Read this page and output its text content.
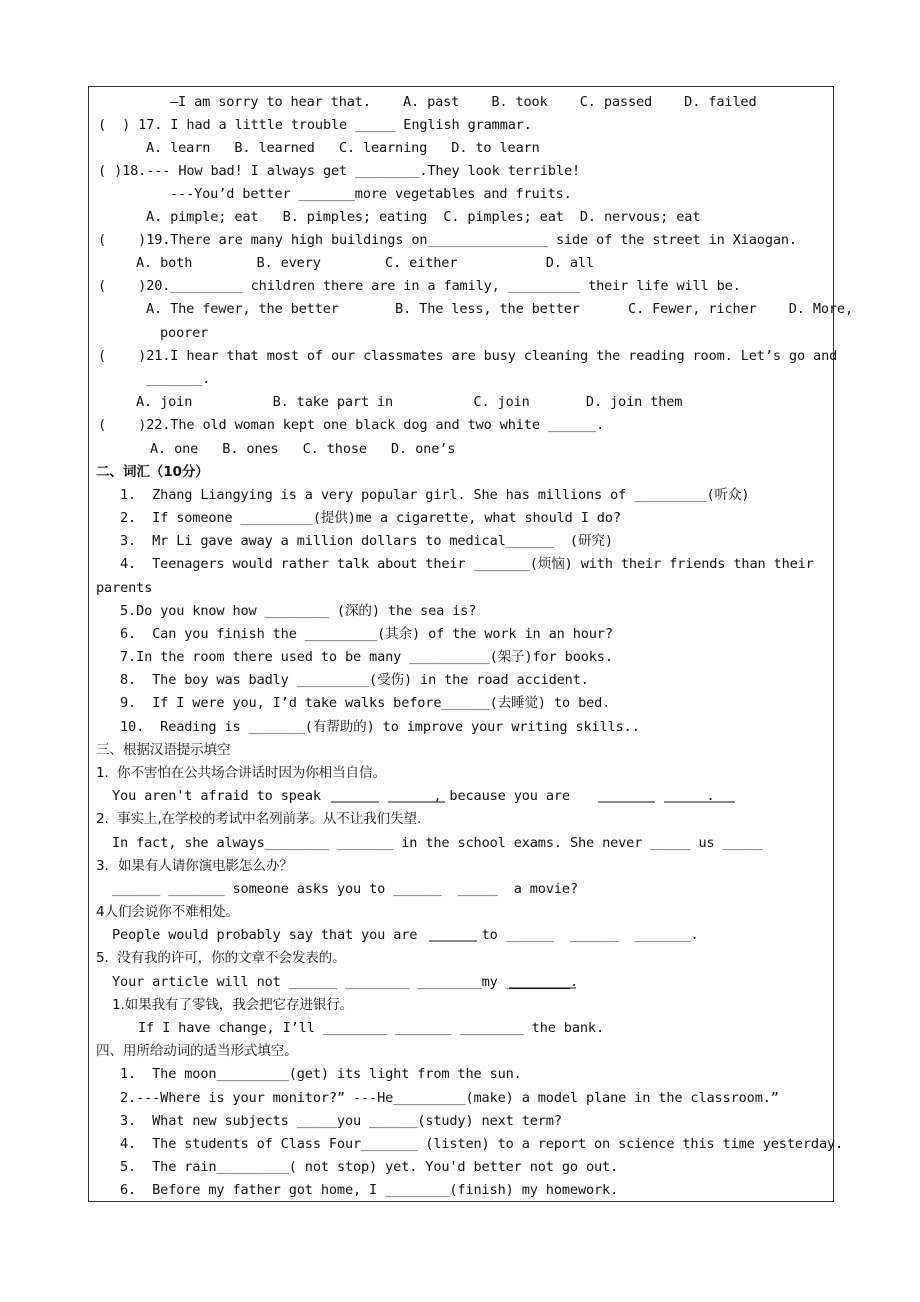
—I am sorry to hear that.    A. past    B. took    C. passed    D. failed
(  ) 17. I had a little trouble _____ English grammar.
A. learn   B. learned   C. learning   D. to learn
( )18.--- How bad! I always get ________.They look terrible!
---You’d better _______more vegetables and fruits.
A. pimple; eat   B. pimples; eating  C. pimples; eat  D. nervous; eat
(    )19.There are many high buildings on_______________ side of the street in Xiaogan.
A. both        B. every        C. either           D. all
(    )20._________ children there are in a family, _________ their life will be.
A. The fewer, the better       B. The less, the better      C. Fewer, richer    D. More,
poorer
(    )21.I hear that most of our classmates are busy cleaning the reading room. Let’s go and
_______.
A. join          B. take part in          C. join       D. join them
(    )22.The old woman kept one black dog and two white ______.
A. one   B. ones   C. those   D. one’s
二、词汇（10分）
1.  Zhang Liangying is a very popular girl. She has millions of _________(听众)
2.  If someone _________(提供)me a cigarette, what should I do?
3.  Mr Li gave away a million dollars to medical______  (研究)
4.  Teenagers would rather talk about their _______(烦恼) with their friends than their
parents
5.Do you know how ________ (深的) the sea is?
6.  Can you finish the _________(其余) of the work in an hour?
7.In the room there used to be many __________(架子)for books.
8.  The boy was badly _________(受伤) in the road accident.
9.  If I were you, I’d take walks before______(去睡觉) to bed.
10.  Reading is _______(有帮助的) to improve your writing skills..
三、根据汉语提示填空
1.  你不害怕在公共场合讲话时因为你相当自信。
You aren't afraid to speak              , because you are                 .
2.  事实上,在学校的考试中名列前茅。从不让我们失望.
In fact, she always________ _______ in the school exams. She never _____ us _____
3．如果有人请你演电影怎么办？
______ _______ someone asks you to ______  _____  a movie?
4人们会说你不难相处。
People would probably say that you are        to ______  ______  _______.
5.  没有我的许可，你的文章不会发表的。
Your article will not ______ ________ ________my ________.
1.如果我有了零钱，我会把它存进银行。
If I have change, I’ll ________ _______ ________ the bank.
四、用所给动词的适当形式填空。
1.  The moon_________(get) its light from the sun.
2.---Where is your monitor?” ---He_________(make) a model plane in the classroom.”
3.  What new subjects _____you ______(study) next term?
4.  The students of Class Four_______ (listen) to a report on science this time yesterday.
5.  The rain_________( not stop) yet. You'd better not go out.
6.  Before my father got home, I ________(finish) my homework.
